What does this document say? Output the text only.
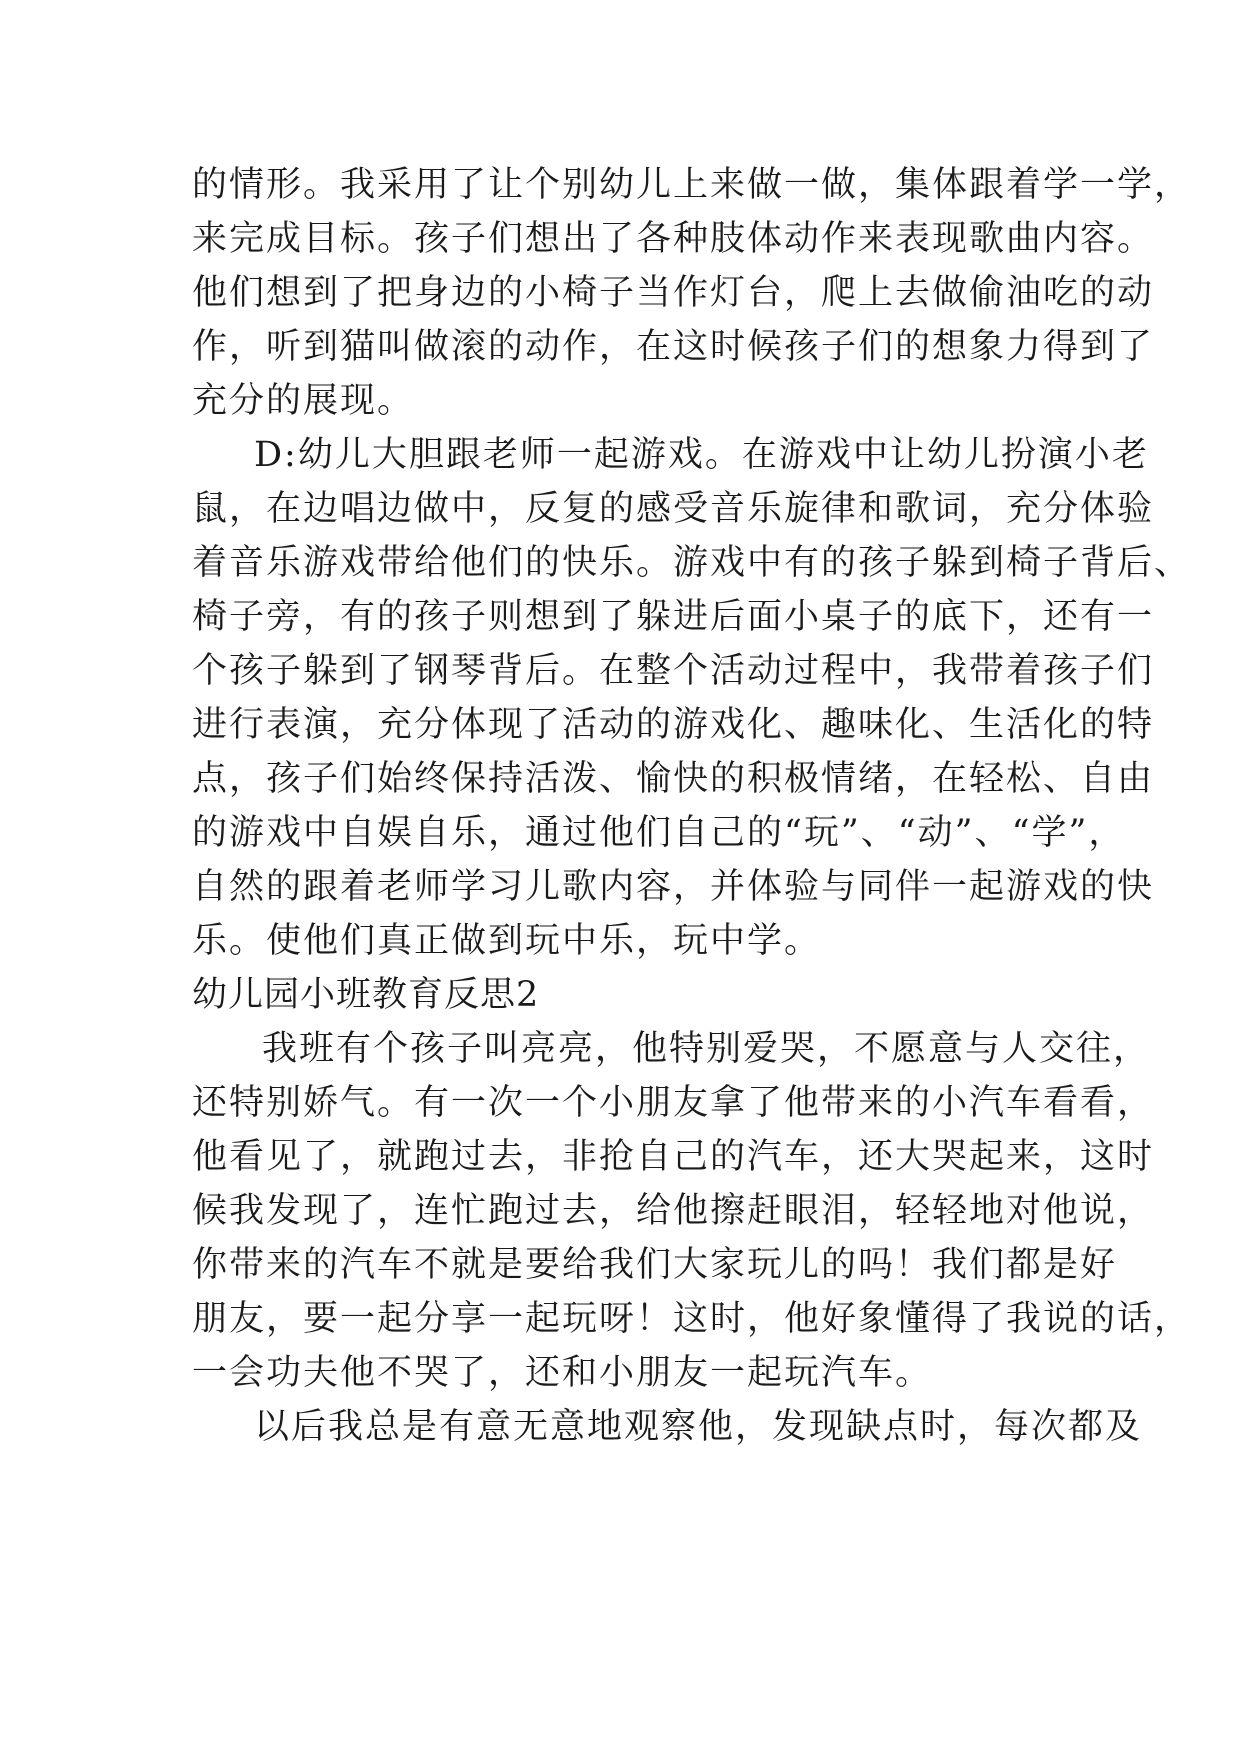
的情形。我采用了让个别幼儿上来做一做，集体跟着学一学，
来完成目标。孩子们想出了各种肢体动作来表现歌曲内容。
他们想到了把身边的小椅子当作灯台，爬上去做偷油吃的动
作，听到猫叫做滚的动作，在这时候孩子们的想象力得到了
充分的展现。
D:幼儿大胆跟老师一起游戏。在游戏中让幼儿扮演小老
鼠，在边唱边做中，反复的感受音乐旋律和歌词，充分体验
着音乐游戏带给他们的快乐。游戏中有的孩子躲到椅子背后、
椅子旁，有的孩子则想到了躲进后面小桌子的底下，还有一
个孩子躲到了钢琴背后。在整个活动过程中，我带着孩子们
进行表演，充分体现了活动的游戏化、趣味化、生活化的特
点，孩子们始终保持活泼、愉快的积极情绪，在轻松、自由
的游戏中自娱自乐，通过他们自己的“玩”、“动”、“学”，
自然的跟着老师学习儿歌内容，并体验与同伴一起游戏的快
乐。使他们真正做到玩中乐，玩中学。
幼儿园小班教育反思2
我班有个孩子叫亮亮，他特别爱哭，不愿意与人交往，
还特别娇气。有一次一个小朋友拿了他带来的小汽车看看，
他看见了，就跑过去，非抢自己的汽车，还大哭起来，这时
候我发现了，连忙跑过去，给他擦赶眼泪，轻轻地对他说，
你带来的汽车不就是要给我们大家玩儿的吗！我们都是好
朋友，要一起分享一起玩呀！这时，他好象懂得了我说的话，
一会功夫他不哭了，还和小朋友一起玩汽车。
以后我总是有意无意地观察他，发现缺点时，每次都及
